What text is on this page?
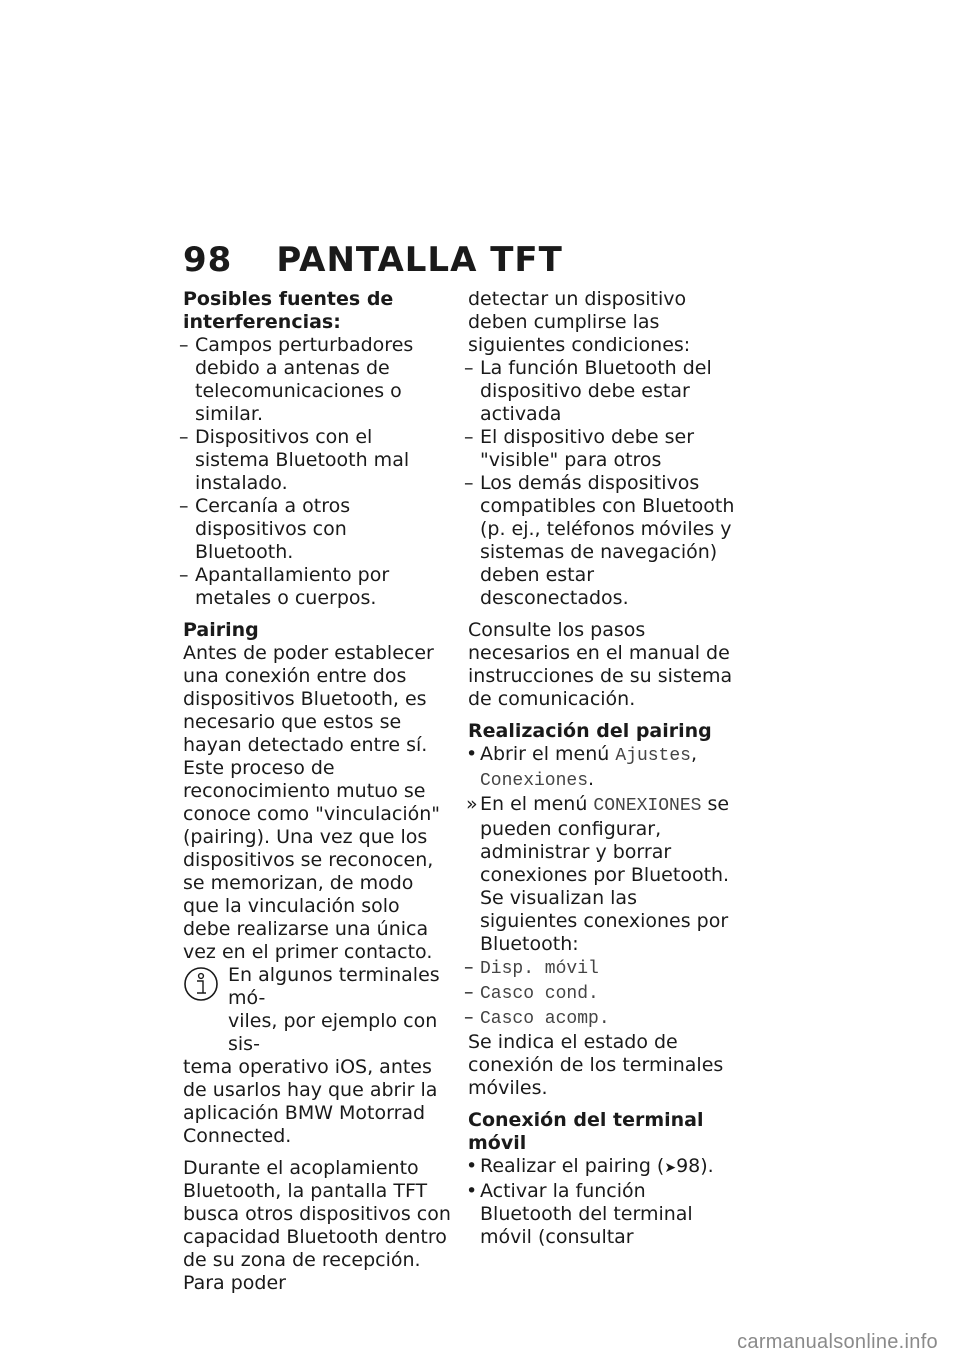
98 PANTALLA TFT

Posibles fuentes de interferencias:

– Campos perturbadores debido a antenas de telecomunicaciones o similar.

– Dispositivos con el sistema Bluetooth mal instalado.

– Cercanía a otros dispositivos con Bluetooth.

– Apantallamiento por metales o cuerpos.

Pairing

Antes de poder establecer una conexión entre dos dispositivos Bluetooth, es necesario que estos se hayan detectado entre sí. Este proceso de reconocimiento mutuo se conoce como "vinculación" (pairing). Una vez que los dispositivos se reconocen, se memorizan, de modo que la vinculación solo debe realizarse una única vez en el primer contacto.

En algunos terminales mó-
viles, por ejemplo con sis-
tema operativo iOS, antes de usarlos hay que abrir la aplicación BMW Motorrad Connected.

Durante el acoplamiento Bluetooth, la pantalla TFT busca otros dispositivos con capacidad Bluetooth dentro de su zona de recepción. Para poder

detectar un dispositivo deben cumplirse las siguientes condiciones:

– La función Bluetooth del dispositivo debe estar activada

– El dispositivo debe ser "visible" para otros

– Los demás dispositivos compatibles con Bluetooth (p. ej., teléfonos móviles y sistemas de navegación) deben estar desconectados.

Consulte los pasos necesarios en el manual de instrucciones de su sistema de comunicación.

Realización del pairing

• Abrir el menú Ajustes, Conexiones.

» En el menú CONEXIONES se pueden configurar, administrar y borrar conexiones por Bluetooth. Se visualizan las siguientes conexiones por Bluetooth:

– Disp. móvil

– Casco cond.

– Casco acomp.

Se indica el estado de conexión de los terminales móviles.

Conexión del terminal móvil

• Realizar el pairing (➤98).

• Activar la función Bluetooth del terminal móvil (consultar

carmanualsonline.info
